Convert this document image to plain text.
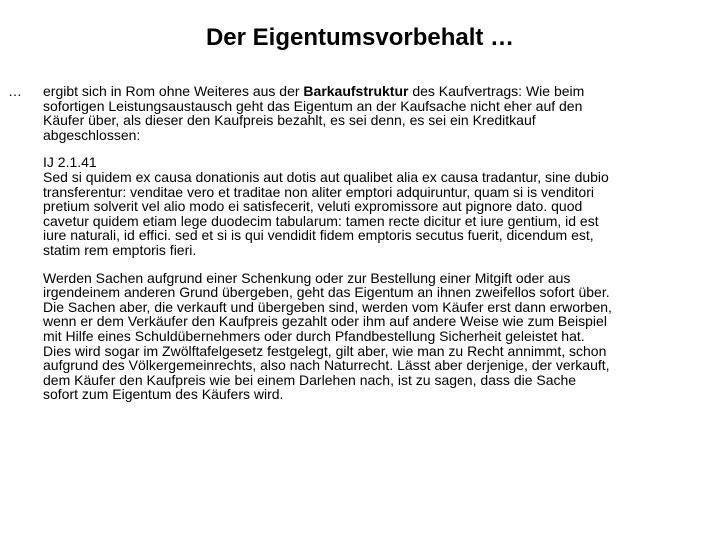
Der Eigentumsvorbehalt …

… ergibt sich in Rom ohne Weiteres aus der Barkaufstruktur des Kaufvertrags: Wie beim
sofortigen Leistungsaustausch geht das Eigentum an der Kaufsache nicht eher auf den
Käufer über, als dieser den Kaufpreis bezahlt, es sei denn, es sei ein Kreditkauf
abgeschlossen:

IJ 2.1.41
Sed si quidem ex causa donationis aut dotis aut qualibet alia ex causa tradantur, sine dubio
transferentur: venditae vero et traditae non aliter emptori adquiruntur, quam si is venditori
pretium solverit vel alio modo ei satisfecerit, veluti expromissore aut pignore dato. quod
cavetur quidem etiam lege duodecim tabularum: tamen recte dicitur et iure gentium, id est
iure naturali, id effici. sed et si is qui vendidit fidem emptoris secutus fuerit, dicendum est,
statim rem emptoris fieri.

Werden Sachen aufgrund einer Schenkung oder zur Bestellung einer Mitgift oder aus
irgendeinem anderen Grund übergeben, geht das Eigentum an ihnen zweifellos sofort über.
Die Sachen aber, die verkauft und übergeben sind, werden vom Käufer erst dann erworben,
wenn er dem Verkäufer den Kaufpreis gezahlt oder ihm auf andere Weise wie zum Beispiel
mit Hilfe eines Schuldübernehmers oder durch Pfandbestellung Sicherheit geleistet hat.
Dies wird sogar im Zwölftafelgesetz festgelegt, gilt aber, wie man zu Recht annimmt, schon
aufgrund des Völkergemeinrechts, also nach Naturrecht. Lässt aber derjenige, der verkauft,
dem Käufer den Kaufpreis wie bei einem Darlehen nach, ist zu sagen, dass die Sache
sofort zum Eigentum des Käufers wird.
